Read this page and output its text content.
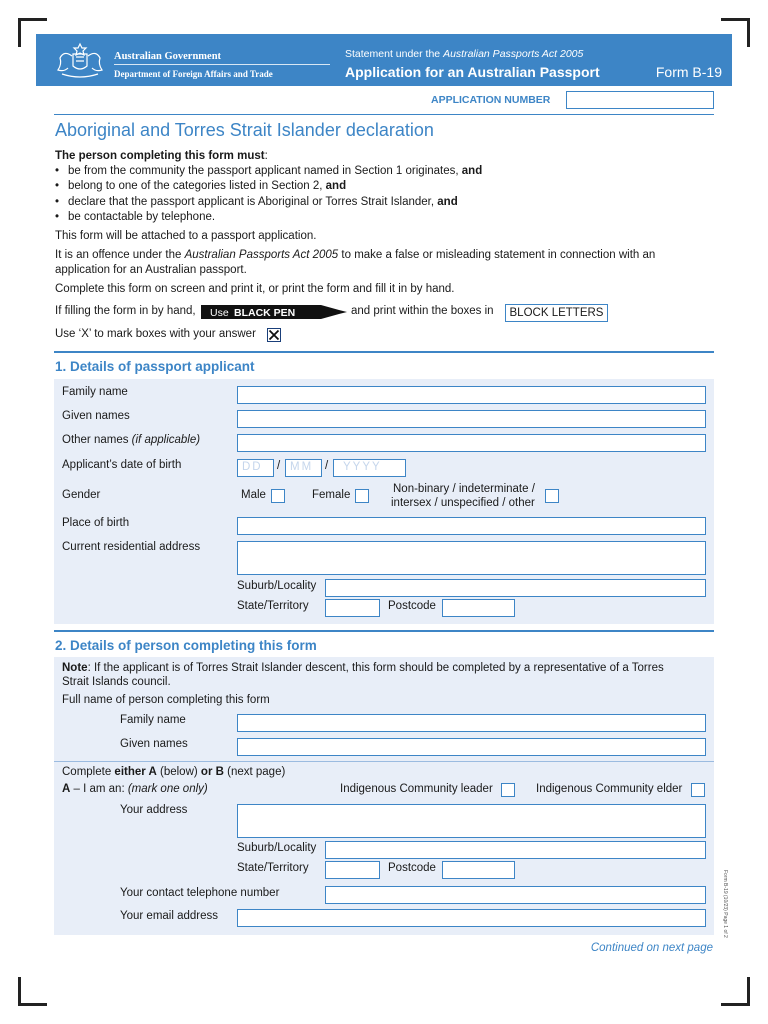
Australian Government
Department of Foreign Affairs and Trade
Statement under the Australian Passports Act 2005
Application for an Australian Passport	Form B-19
APPLICATION NUMBER
Aboriginal and Torres Strait Islander declaration
The person completing this form must:
• be from the community the passport applicant named in Section 1 originates, and
• belong to one of the categories listed in Section 2, and
• declare that the passport applicant is Aboriginal or Torres Strait Islander, and
• be contactable by telephone.
This form will be attached to a passport application.
It is an offence under the Australian Passports Act 2005 to make a false or misleading statement in connection with an
application for an Australian passport.
Complete this form on screen and print it, or print the form and fill it in by hand.
If filling the form in by hand, Use BLACK PEN	and print within the boxes in	BLOCK LETTERS
Use ‘X’ to mark boxes with your answer
1. Details of passport applicant
Family name
Given names
Other names (if applicable)
Applicant’s date of birth	DD / MM / YYYY
Gender	Male	Female	Non-binary / indeterminate /
intersex / unspecified / other
Place of birth
Current residential address
Suburb/Locality
State/Territory	Postcode
2. Details of person completing this form
Note: If the applicant is of Torres Strait Islander descent, this form should be completed by a representative of a Torres
Strait Islands council.
Full name of person completing this form
Family name
Given names
Complete either A (below) or B (next page)
A – I am an: (mark one only)	Indigenous Community leader	Indigenous Community elder
Your address
Suburb/Locality
State/Territory	Postcode
Your contact telephone number
Your email address	Form B-19 (10/23) Page 1 of 2
Continued on next page
